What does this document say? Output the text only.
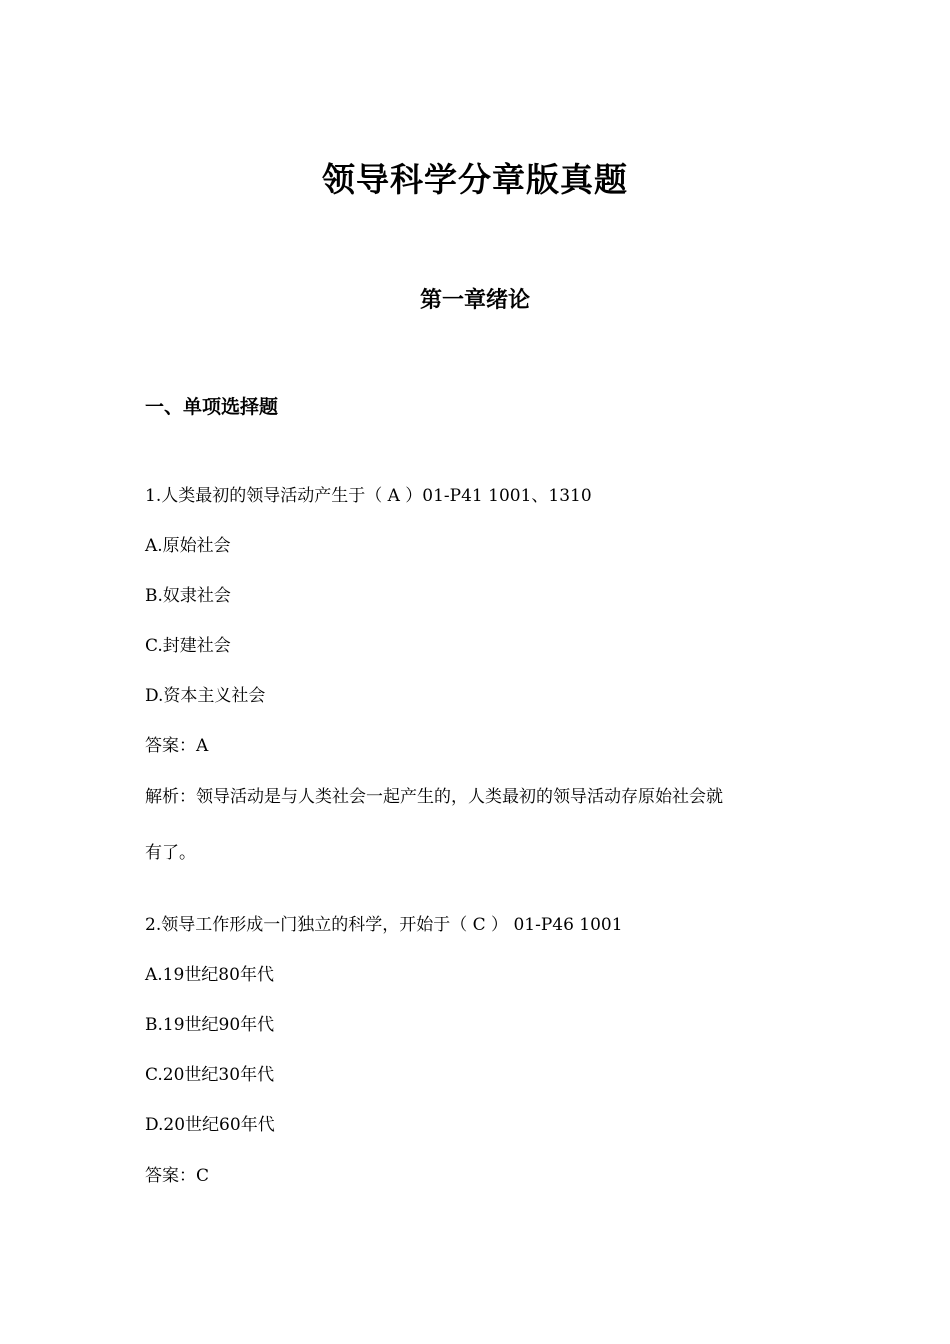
领导科学分章版真题
第一章绪论
一、单项选择题
1.人类最初的领导活动产生于（ A ）01-P41 1001、1310
A.原始社会
B.奴隶社会
C.封建社会
D.资本主义社会
答案：A
解析：领导活动是与人类社会一起产生的，人类最初的领导活动存原始社会就
有了。
2.领导工作形成一门独立的科学，开始于（ C ） 01-P46 1001
A.19世纪80年代
B.19世纪90年代
C.20世纪30年代
D.20世纪60年代
答案：C
